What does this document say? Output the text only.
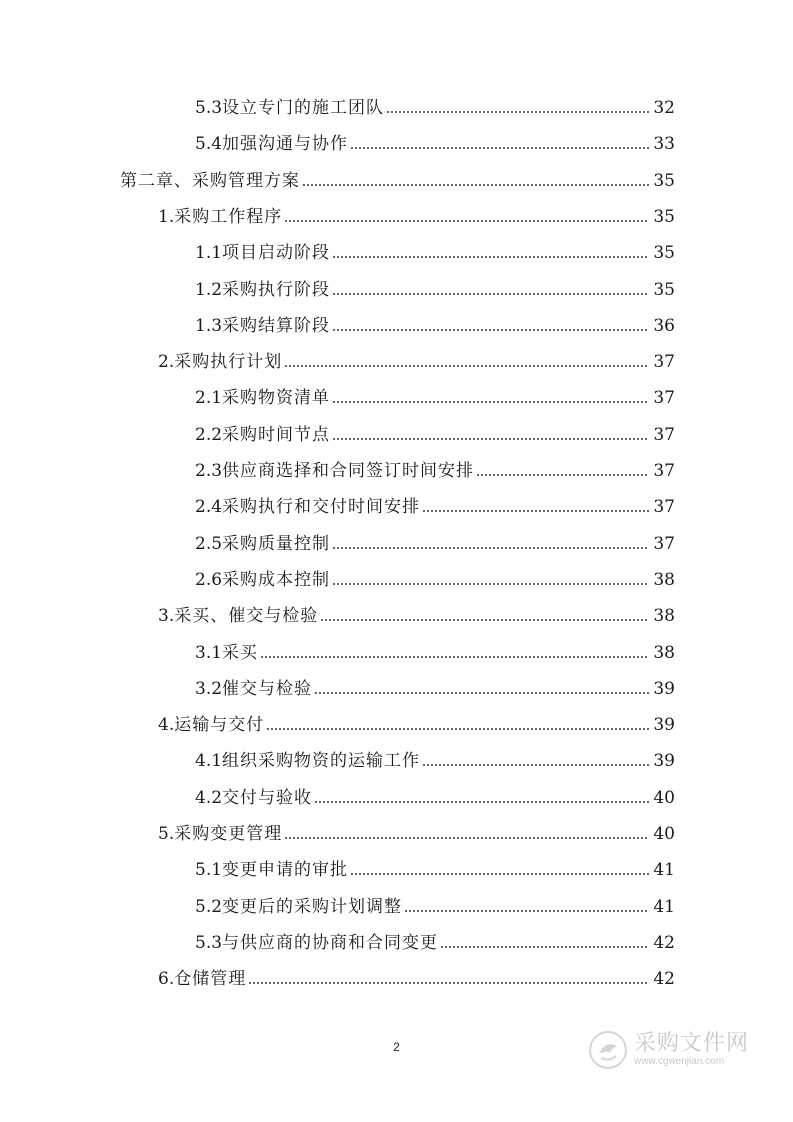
5.3 设立专门的施工团队	32
5.4 加强沟通与协作	33
第二章、采购管理方案	35
1. 采购工作程序	35
1.1 项目启动阶段	35
1.2 采购执行阶段	35
1.3 采购结算阶段	36
2. 采购执行计划	37
2.1 采购物资清单	37
2.2 采购时间节点	37
2.3 供应商选择和合同签订时间安排	37
2.4 采购执行和交付时间安排	37
2.5 采购质量控制	37
2.6 采购成本控制	38
3. 采买、催交与检验	38
3.1 采买	38
3.2 催交与检验	39
4. 运输与交付	39
4.1 组织采购物资的运输工作	39
4.2 交付与验收	40
5. 采购变更管理	40
5.1 变更申请的审批	41
5.2 变更后的采购计划调整	41
5.3 与供应商的协商和合同变更	42
6. 仓储管理	42
2	采购文件网
www.cgwenjian.com
